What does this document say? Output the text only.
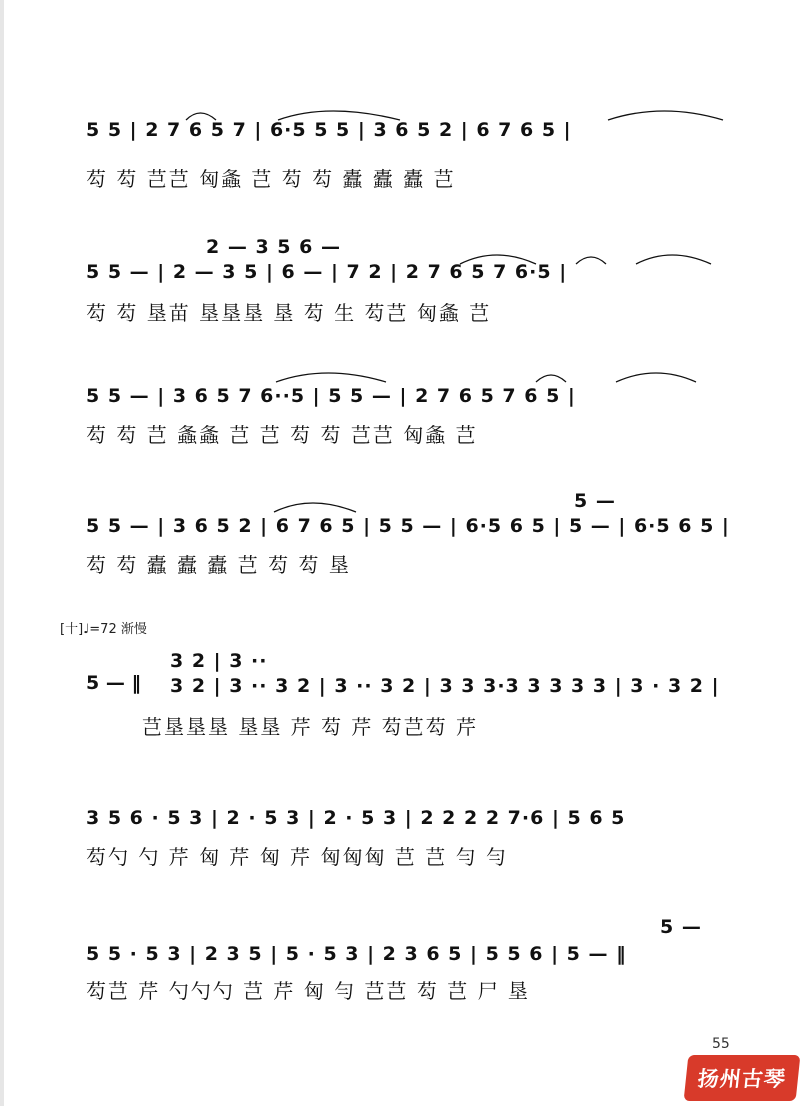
5 5 | 2 7 6 5 7 | 6·5 5 5 | 3 6 5 2 | 6 7 6 5 |
芶 芶 芑芑 匈螽 芑 芶 芶 蠹 蠹 蠹 芑
2 — 3 5 6 —
5 5 — | 2 — 3 5 | 6 — | 7 2 | 2 7 6 5 7 6·5 |
芶 芶 垦苗 垦垦垦 垦 芶 生 芶芑 匈螽 芑
5 5 — | 3 6 5 7 6··5 | 5 5 — | 2 7 6 5 7 6 5 |
芶 芶 芑 螽螽 芑 芑 芶 芶 芑芑 匈螽 芑
5 —
5 5 — | 3 6 5 2 | 6 7 6 5 | 5 5 — | 6·5 6 5 | 5 — | 6·5 6 5 |
芶 芶 蠹 蠹 蠹 芑 芶 芶 垦
[十]♩=72 渐慢
3 2 | 3 ··
5 — ‖ 3 2 | 3 ·· 3 2 | 3 ·· 3 2 | 3 3 3·3 3 3 3 3 | 3 · 3 2 |
芑垦垦垦 垦垦 芹 芶 芹 芶芑芶 芹
3 5 6 · 5 3 | 2 · 5 3 | 2 · 5 3 | 2 2 2 2 7·6 | 5 6 5
芶勺 勺 芹 匈 芹 匈 芹 匈匈匈 芑 芑 勻 勻
5 —
5 5 · 5 3 | 2 3 5 | 5 · 5 3 | 2 3 6 5 | 5 5 6 | 5 — ‖
芶芑 芹 勺勺勺 芑 芹 匈 勻 芑芑 芶 芑 尸 垦
55
扬州古琴
